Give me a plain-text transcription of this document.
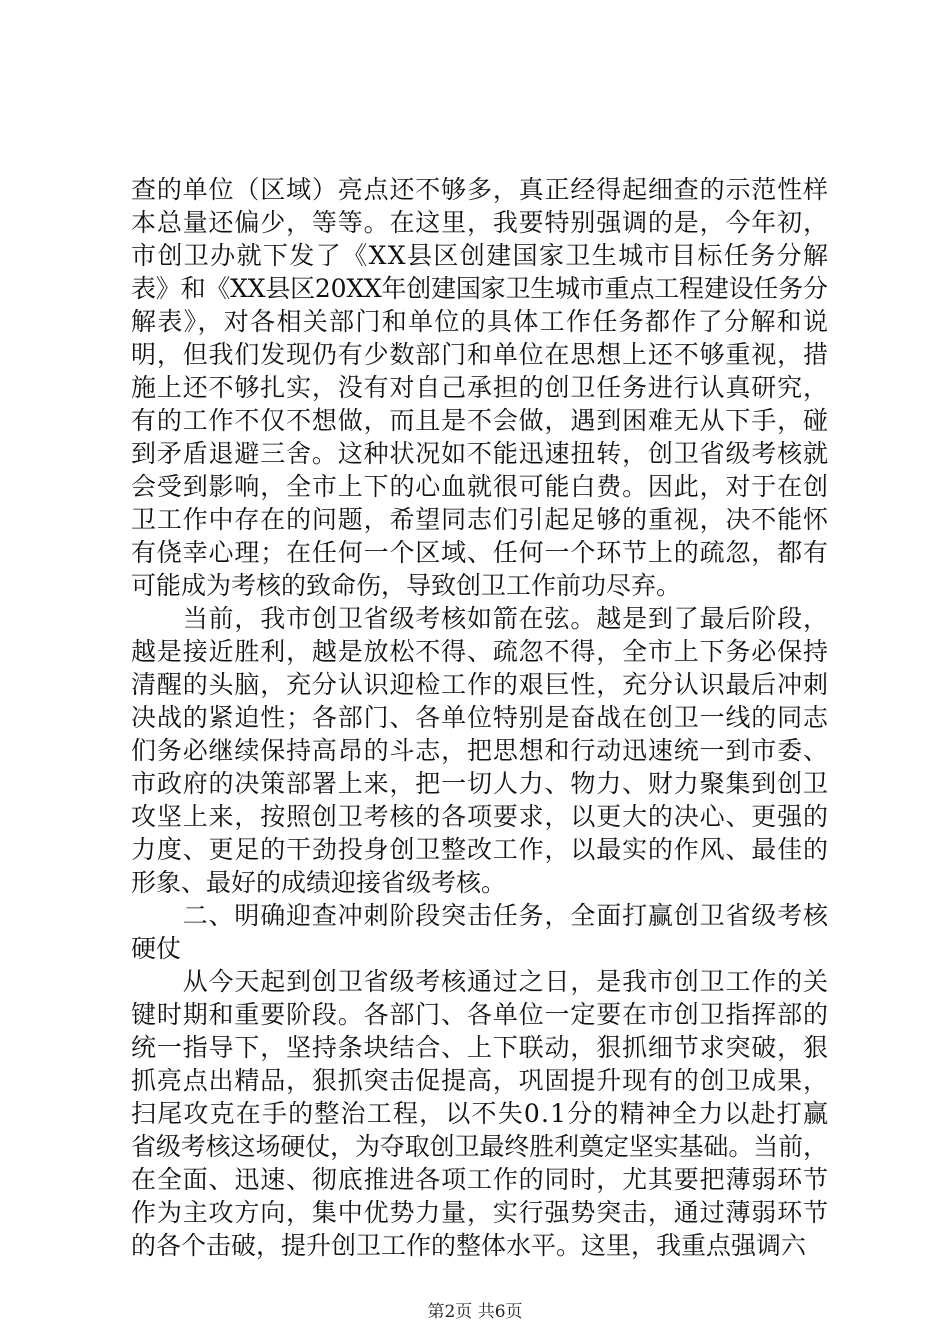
查的单位（区域）亮点还不够多，真正经得起细查的示范性样
本总量还偏少，等等。在这里，我要特别强调的是，今年初，
市创卫办就下发了《XX县区创建国家卫生城市目标任务分解
表》和《XX县区20XX年创建国家卫生城市重点工程建设任务分
解表》，对各相关部门和单位的具体工作任务都作了分解和说
明，但我们发现仍有少数部门和单位在思想上还不够重视，措
施上还不够扎实，没有对自己承担的创卫任务进行认真研究，
有的工作不仅不想做，而且是不会做，遇到困难无从下手，碰
到矛盾退避三舍。这种状况如不能迅速扭转，创卫省级考核就
会受到影响，全市上下的心血就很可能白费。因此，对于在创
卫工作中存在的问题，希望同志们引起足够的重视，决不能怀
有侥幸心理；在任何一个区域、任何一个环节上的疏忽，都有
可能成为考核的致命伤，导致创卫工作前功尽弃。
　　当前，我市创卫省级考核如箭在弦。越是到了最后阶段，
越是接近胜利，越是放松不得、疏忽不得，全市上下务必保持
清醒的头脑，充分认识迎检工作的艰巨性，充分认识最后冲刺
决战的紧迫性；各部门、各单位特别是奋战在创卫一线的同志
们务必继续保持高昂的斗志，把思想和行动迅速统一到市委、
市政府的决策部署上来，把一切人力、物力、财力聚集到创卫
攻坚上来，按照创卫考核的各项要求，以更大的决心、更强的
力度、更足的干劲投身创卫整改工作，以最实的作风、最佳的
形象、最好的成绩迎接省级考核。
　　二、明确迎查冲刺阶段突击任务，全面打赢创卫省级考核
硬仗
　　从今天起到创卫省级考核通过之日，是我市创卫工作的关
键时期和重要阶段。各部门、各单位一定要在市创卫指挥部的
统一指导下，坚持条块结合、上下联动，狠抓细节求突破，狠
抓亮点出精品，狠抓突击促提高，巩固提升现有的创卫成果，
扫尾攻克在手的整治工程，以不失0.1分的精神全力以赴打赢
省级考核这场硬仗，为夺取创卫最终胜利奠定坚实基础。当前，
在全面、迅速、彻底推进各项工作的同时，尤其要把薄弱环节
作为主攻方向，集中优势力量，实行强势突击，通过薄弱环节
的各个击破，提升创卫工作的整体水平。这里，我重点强调六
第2页 共6页
